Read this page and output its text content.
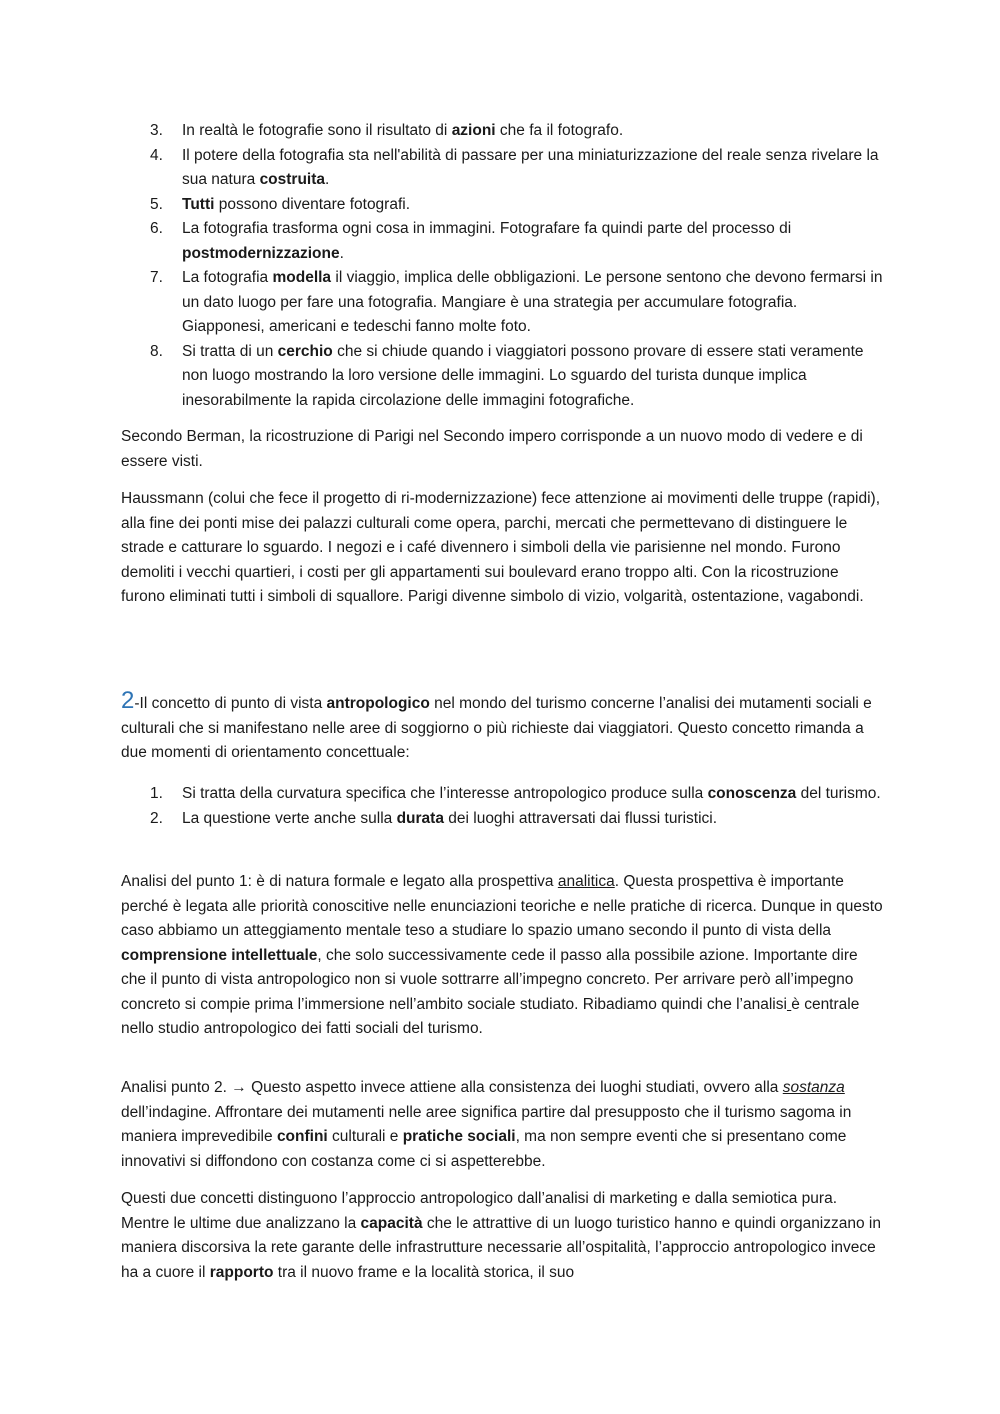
3. In realtà le fotografie sono il risultato di azioni che fa il fotografo.
4. Il potere della fotografia sta nell'abilità di passare per una miniaturizzazione del reale senza rivelare la sua natura costruita.
5. Tutti possono diventare fotografi.
6. La fotografia trasforma ogni cosa in immagini. Fotografare fa quindi parte del processo di postmodernizzazione.
7. La fotografia modella il viaggio, implica delle obbligazioni. Le persone sentono che devono fermarsi in un dato luogo per fare una fotografia. Mangiare è una strategia per accumulare fotografia. Giapponesi, americani e tedeschi fanno molte foto.
8. Si tratta di un cerchio che si chiude quando i viaggiatori possono provare di essere stati veramente non luogo mostrando la loro versione delle immagini. Lo sguardo del turista dunque implica inesorabilmente la rapida circolazione delle immagini fotografiche.

Secondo Berman, la ricostruzione di Parigi nel Secondo impero corrisponde a un nuovo modo di vedere e di essere visti.

Haussmann (colui che fece il progetto di ri-modernizzazione) fece attenzione ai movimenti delle truppe (rapidi), alla fine dei ponti mise dei palazzi culturali come opera, parchi, mercati che permettevano di distinguere le strade e catturare lo sguardo. I negozi e i café divennero i simboli della vie parisienne nel mondo. Furono demoliti i vecchi quartieri, i costi per gli appartamenti sui boulevard erano troppo alti. Con la ricostruzione furono eliminati tutti i simboli di squallore. Parigi divenne simbolo di vizio, volgarità, ostentazione, vagabondi.

2-Il concetto di punto di vista antropologico nel mondo del turismo concerne l’analisi dei mutamenti sociali e culturali che si manifestano nelle aree di soggiorno o più richieste dai viaggiatori. Questo concetto rimanda a due momenti di orientamento concettuale:

1. Si tratta della curvatura specifica che l’interesse antropologico produce sulla conoscenza del turismo.
2. La questione verte anche sulla durata dei luoghi attraversati dai flussi turistici.

Analisi del punto 1: è di natura formale e legato alla prospettiva analitica. Questa prospettiva è importante perché è legata alle priorità conoscitive nelle enunciazioni teoriche e nelle pratiche di ricerca. Dunque in questo caso abbiamo un atteggiamento mentale teso a studiare lo spazio umano secondo il punto di vista della comprensione intellettuale, che solo successivamente cede il passo alla possibile azione. Importante dire che il punto di vista antropologico non si vuole sottrarre all’impegno concreto. Per arrivare però all’impegno concreto si compie prima l’immersione nell’ambito sociale studiato. Ribadiamo quindi che l’analisi è centrale nello studio antropologico dei fatti sociali del turismo.

Analisi punto 2. → Questo aspetto invece attiene alla consistenza dei luoghi studiati, ovvero alla sostanza dell’indagine. Affrontare dei mutamenti nelle aree significa partire dal presupposto che il turismo sagoma in maniera imprevedibile confini culturali e pratiche sociali, ma non sempre eventi che si presentano come innovativi si diffondono con costanza come ci si aspetterebbe.

Questi due concetti distinguono l’approccio antropologico dall’analisi di marketing e dalla semiotica pura. Mentre le ultime due analizzano la capacità che le attrattive di un luogo turistico hanno e quindi organizzano in maniera discorsiva la rete garante delle infrastrutture necessarie all’ospitalità, l’approccio antropologico invece ha a cuore il rapporto tra il nuovo frame e la località storica, il suo
